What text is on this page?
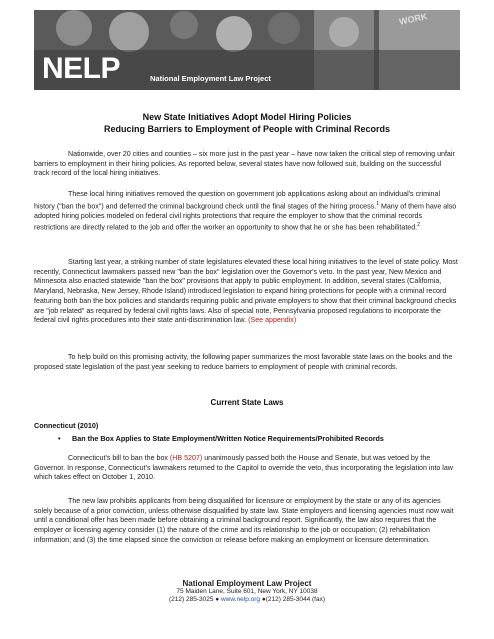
NELP	National Employment Law Project
WORK
New State Initiatives Adopt Model Hiring Policies
Reducing Barriers to Employment of People with Criminal Records
Nationwide, over 20 cities and counties – six more just in the past year – have now taken the critical step of removing unfair barriers to employment in their hiring policies. As reported below, several states have now followed suit, building on the successful track record of the local hiring initiatives.
These local hiring initiatives removed the question on government job applications asking about an individual's criminal history ("ban the box") and deferred the criminal background check until the final stages of the hiring process.$^1$ Many of them have also adopted hiring policies modeled on federal civil rights protections that require the employer to show that the criminal records restrictions are directly related to the job and offer the worker an opportunity to show that he or she has been rehabilitated.$^2$
Starting last year, a striking number of state legislatures elevated these local hiring initiatives to the level of state policy. Most recently, Connecticut lawmakers passed new "ban the box" legislation over the Governor's veto. In the past year, New Mexico and Minnesota also enacted statewide "ban the box" provisions that apply to public employment. In addition, several states (California, Maryland, Nebraska, New Jersey, Rhode Island) introduced legislation to expand hiring protections for people with a criminal record featuring both ban the box policies and standards requiring public and private employers to show that their criminal background checks are "job related" as required by federal civil rights laws. Also of special note, Pennsylvania proposed regulations to incorporate the federal civil rights procedures into their state anti-discrimination law. (See appendix)
To help build on this promising activity, the following paper summarizes the most favorable state laws on the books and the proposed state legislation of the past year seeking to reduce barriers to employment of people with criminal records.
Current State Laws
Connecticut (2010)
• Ban the Box Applies to State Employment/Written Notice Requirements/Prohibited Records
Connecticut's bill to ban the box (HB 5207) unanimously passed both the House and Senate, but was vetoed by the Governor. In response, Connecticut's lawmakers returned to the Capitol to override the veto, thus incorporating the legislation into law which takes effect on October 1, 2010.
The new law prohibits applicants from being disqualified for licensure or employment by the state or any of its agencies solely because of a prior conviction, unless otherwise disqualified by state law. State employers and licensing agencies must now wait until a conditional offer has been made before obtaining a criminal background report. Significantly, the law also requires that the employer or licensing agency consider (1) the nature of the crime and its relationship to the job or occupation; (2) rehabilitation information; and (3) the time elapsed since the conviction or release before making an employment or licensure determination.
National Employment Law Project
75 Maiden Lane, Suite 601, New York, NY 10038
(212) 285-3025 ● www.nelp.org ●(212) 285-3044 (fax)
